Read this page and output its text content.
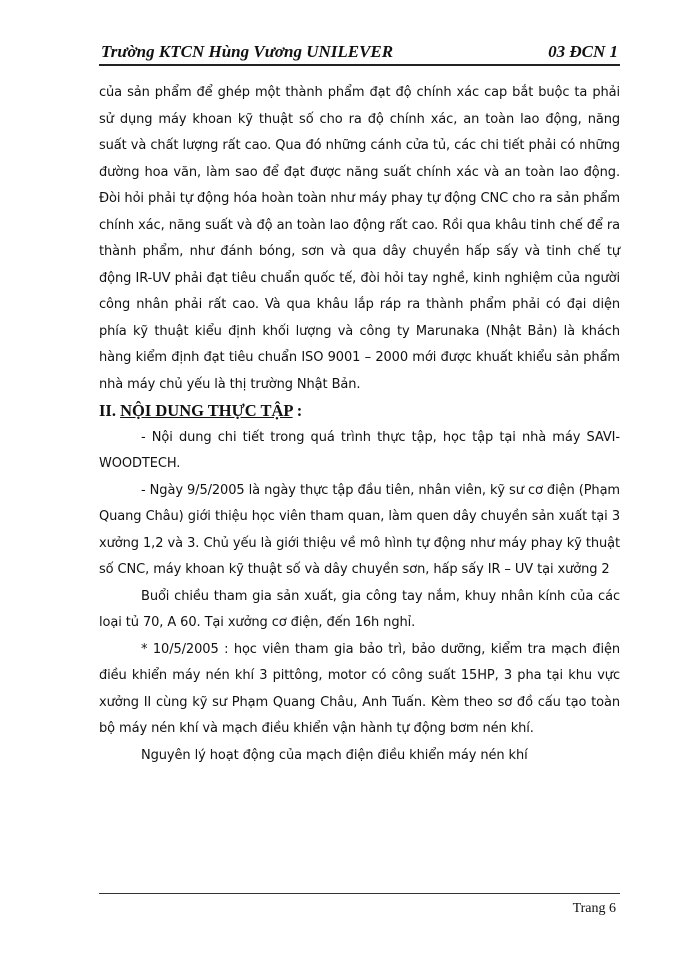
Trường KTCN Hùng Vương UNILEVER	03 ĐCN 1

của sản phẩm để ghép một thành phẩm đạt độ chính xác cap bắt buộc ta phải sử dụng máy khoan kỹ thuật số cho ra độ chính xác, an toàn lao động, năng suất và chất lượng rất cao. Qua đó những cánh cửa tủ, các chi tiết phải có những đường hoa văn, làm sao để đạt được năng suất chính xác và an toàn lao động. Đòi hỏi phải tự động hóa hoàn toàn như máy phay tự động CNC cho ra sản phẩm chính xác, năng suất và độ an toàn lao động rất cao. Rồi qua khâu tinh chế để ra thành phẩm, như đánh bóng, sơn và qua dây chuyền hấp sấy và tinh chế tự động IR-UV phải đạt tiêu chuẩn quốc tế, đòi hỏi tay nghề, kinh nghiệm của người công nhân phải rất cao. Và qua khâu lắp ráp ra thành phẩm phải có đại diện phía kỹ thuật kiểu định khối lượng và công ty Marunaka (Nhật Bản) là khách hàng kiểm định đạt tiêu chuẩn ISO 9001 – 2000 mới được khuất khiểu sản phẩm nhà máy chủ yếu là thị trường Nhật Bản.

II. NỘI DUNG THỰC TẬP :

- Nội dung chi tiết trong quá trình thực tập, học tập tại nhà máy SAVI-WOODTECH.

- Ngày 9/5/2005 là ngày thực tập đầu tiên, nhân viên, kỹ sư cơ điện (Phạm Quang Châu) giới thiệu học viên tham quan, làm quen dây chuyền sản xuất tại 3 xưởng 1,2 và 3. Chủ yếu là giới thiệu về mô hình tự động như máy phay kỹ thuật số CNC, máy khoan kỹ thuật số và dây chuyền sơn, hấp sấy IR – UV tại xưởng 2

Buổi chiều tham gia sản xuất, gia công tay nắm, khuy nhân kính của các loại tủ 70, A 60. Tại xưởng cơ điện, đến 16h nghỉ.

* 10/5/2005 : học viên tham gia bảo trì, bảo dưỡng, kiểm tra mạch điện điều khiển máy nén khí 3 pittông, motor có công suất 15HP, 3 pha tại khu vực xưởng II cùng kỹ sư Phạm Quang Châu, Anh Tuấn. Kèm theo sơ đồ cấu tạo toàn bộ máy nén khí và mạch điều khiển vận hành tự động bơm nén khí.

Nguyên lý hoạt động của mạch điện điều khiển máy nén khí

Trang 6
